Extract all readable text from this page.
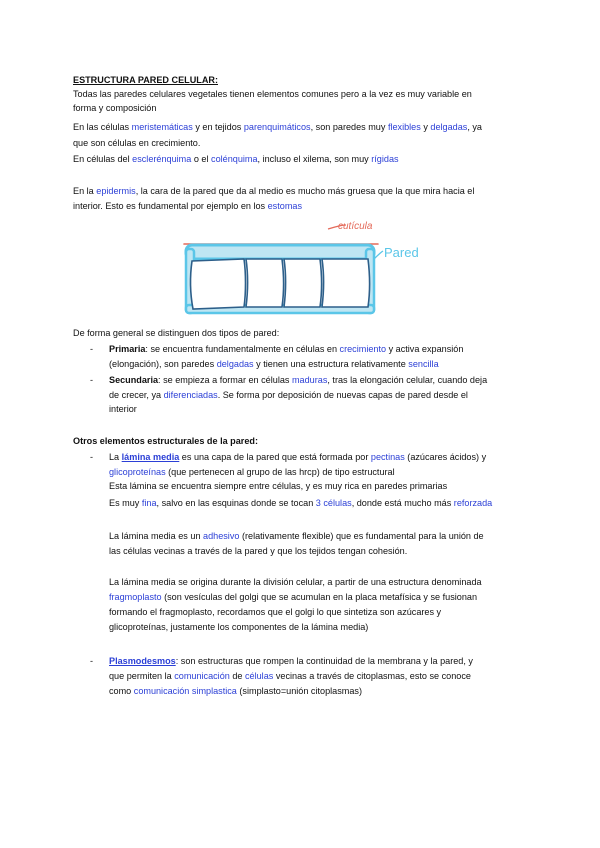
ESTRUCTURA PARED CELULAR:
Todas las paredes celulares vegetales tienen elementos comunes pero a la vez es muy variable en
forma y composición
En las células meristemáticas y en tejidos parenquimáticos, son paredes muy flexibles y delgadas, ya
que son células en crecimiento.
En células del esclerénquima o el colénquima, incluso el xilema, son muy rígidas
En la epidermis, la cara de la pared que da al medio es mucho más gruesa que la que mira hacia el
interior. Esto es fundamental por ejemplo en los estomas
cutícula
Pared
De forma general se distinguen dos tipos de pared:
- Primaria: se encuentra fundamentalmente en células en crecimiento y activa expansión
(elongación), son paredes delgadas y tienen una estructura relativamente sencilla
- Secundaria: se empieza a formar en células maduras, tras la elongación celular, cuando deja
de crecer, ya diferenciadas. Se forma por deposición de nuevas capas de pared desde el
interior
Otros elementos estructurales de la pared:
- La lámina media es una capa de la pared que está formada por pectinas (azúcares ácidos) y
glicoproteínas (que pertenecen al grupo de las hrcp) de tipo estructural
Esta lámina se encuentra siempre entre células, y es muy rica en paredes primarias
Es muy fina, salvo en las esquinas donde se tocan 3 células, donde está mucho más reforzada
La lámina media es un adhesivo (relativamente flexible) que es fundamental para la unión de
las células vecinas a través de la pared y que los tejidos tengan cohesión.
La lámina media se origina durante la división celular, a partir de una estructura denominada
fragmoplasto (son vesículas del golgi que se acumulan en la placa metafísica y se fusionan
formando el fragmoplasto, recordamos que el golgi lo que sintetiza son azúcares y
glicoproteínas, justamente los componentes de la lámina media)
- Plasmodesmos: son estructuras que rompen la continuidad de la membrana y la pared, y
que permiten la comunicación de células vecinas a través de citoplasmas, esto se conoce
como comunicación simplastica (simplasto=unión citoplasmas)
